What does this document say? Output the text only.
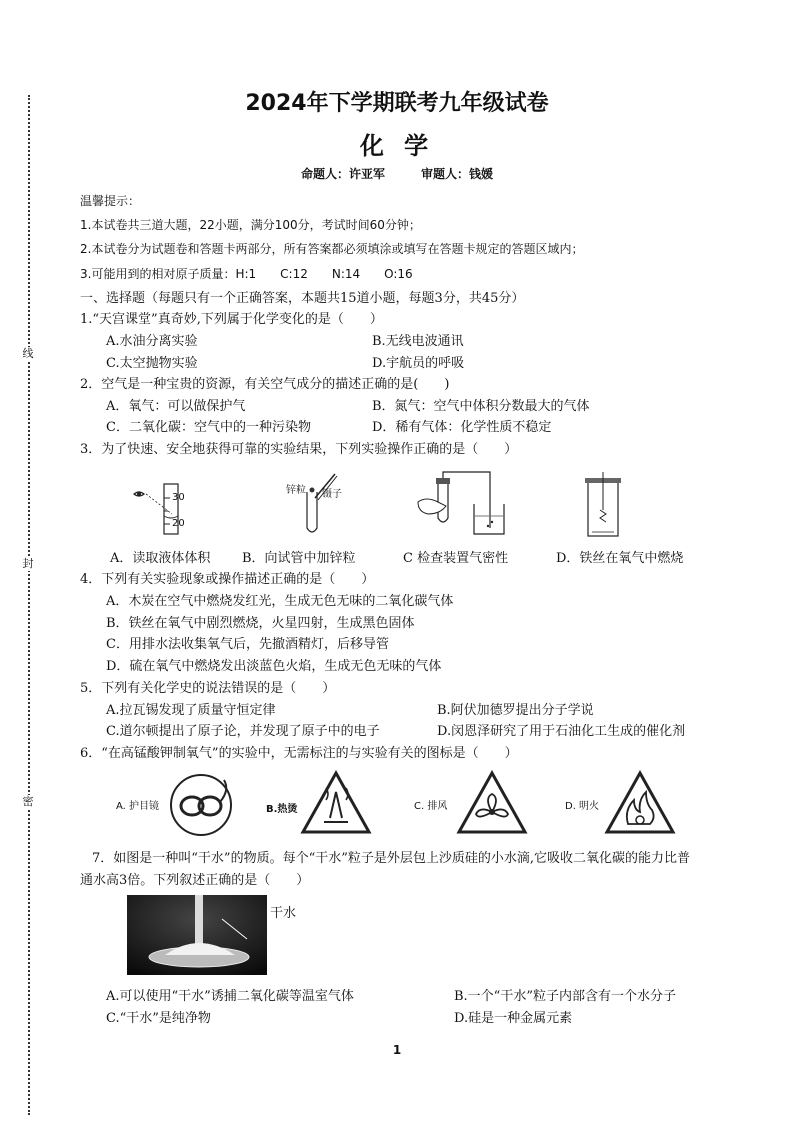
线
封
密
2024年下学期联考九年级试卷
化 学
命题人：许亚军　　　审题人：钱媛
温馨提示：
1.本试卷共三道大题，22小题，满分100分，考试时间60分钟；
2.本试卷分为试题卷和答题卡两部分，所有答案都必须填涂或填写在答题卡规定的答题区域内；
3.可能用到的相对原子质量：H:1　　C:12　　N:14　　O:16
一、选择题（每题只有一个正确答案，本题共15道小题，每题3分，共45分）
1.“天宫课堂”真奇妙,下列属于化学变化的是（　　）
A.水油分离实验	B.无线电波通讯
C.太空抛物实验	D.宇航员的呼吸
2．空气是一种宝贵的资源，有关空气成分的描述正确的是(　　)
A．氧气：可以做保护气	B．氮气：空气中体积分数最大的气体
C．二氧化碳：空气中的一种污染物	D．稀有气体：化学性质不稳定
3．为了快速、安全地获得可靠的实验结果，下列实验操作正确的是（　　）
30
20
锌粒 镊子
A．读取液体体积 B．向试管中加锌粒	C 检查装置气密性	D．铁丝在氧气中燃烧
4．下列有关实验现象或操作描述正确的是（　　）
A．木炭在空气中燃烧发红光，生成无色无味的二氧化碳气体
B．铁丝在氧气中剧烈燃烧，火星四射，生成黑色固体
C．用排水法收集氧气后，先撤酒精灯，后移导管
D．硫在氧气中燃烧发出淡蓝色火焰，生成无色无味的气体
5．下列有关化学史的说法错误的是（　　）
A.拉瓦锡发现了质量守恒定律	B.阿伏加德罗提出分子学说
C.道尔顿提出了原子论，并发现了原子中的电子	D.闵恩泽研究了用于石油化工生成的催化剂
6．“在高锰酸钾制氧气”的实验中，无需标注的与实验有关的图标是（　　）
A. 护目镜	B.热烫	C. 排风	D. 明火
7．如图是一种叫“干水”的物质。每个“干水”粒子是外层包上沙质硅的小水滴,它吸收二氧化碳的能力比普
通水高3倍。下列叙述正确的是（　　）
干水
A.可以使用“干水”诱捕二氧化碳等温室气体	B.一个“干水”粒子内部含有一个水分子
C.“干水”是纯净物	D.硅是一种金属元素
1
